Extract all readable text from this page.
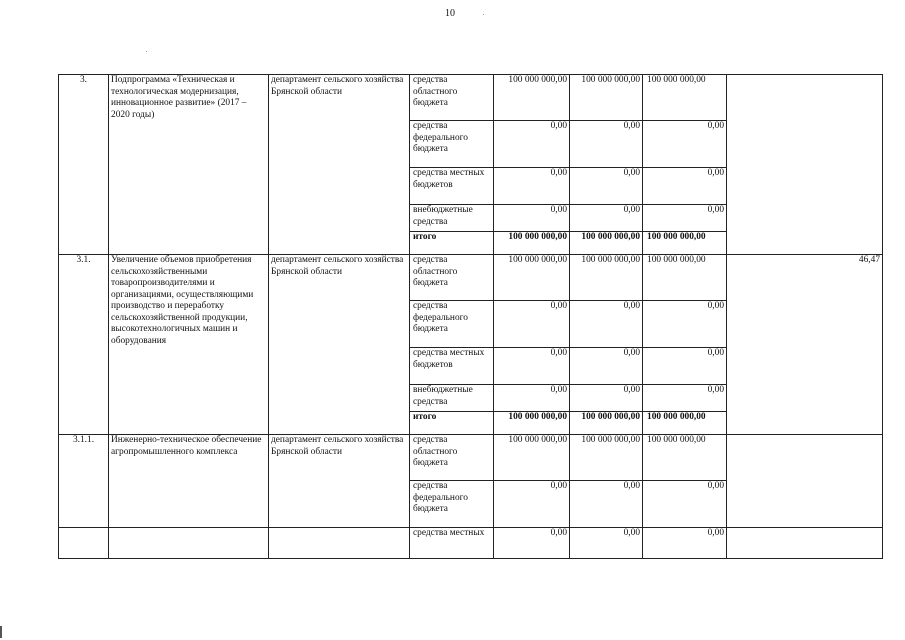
10
3.	Подпрограмма «Техническая и технологическая модернизация, инновационное развитие» (2017 – 2020 годы)	департамент сельского хозяйства Брянской области	средства областного бюджета	100 000 000,00	100 000 000,00	100 000 000,00	
			средства федерального бюджета	0,00	0,00	0,00	
			средства местных бюджетов	0,00	0,00	0,00	
			внебюджетные средства	0,00	0,00	0,00	
			итого	100 000 000,00	100 000 000,00	100 000 000,00	
3.1.	Увеличение объемов приобретения сельскохозяйственными товаропроизводителями и организациями, осуществляющими производство и переработку сельскохозяйственной продукции, высокотехнологичных машин и оборудования	департамент сельского хозяйства Брянской области	средства областного бюджета	100 000 000,00	100 000 000,00	100 000 000,00	46,47
			средства федерального бюджета	0,00	0,00	0,00	
			средства местных бюджетов	0,00	0,00	0,00	
			внебюджетные средства	0,00	0,00	0,00	
			итого	100 000 000,00	100 000 000,00	100 000 000,00	
3.1.1.	Инженерно-техническое обеспечение агропромышленного комплекса	департамент сельского хозяйства Брянской области	средства областного бюджета	100 000 000,00	100 000 000,00	100 000 000,00	
			средства федерального бюджета	0,00	0,00	0,00	
			средства местных	0,00	0,00	0,00	
